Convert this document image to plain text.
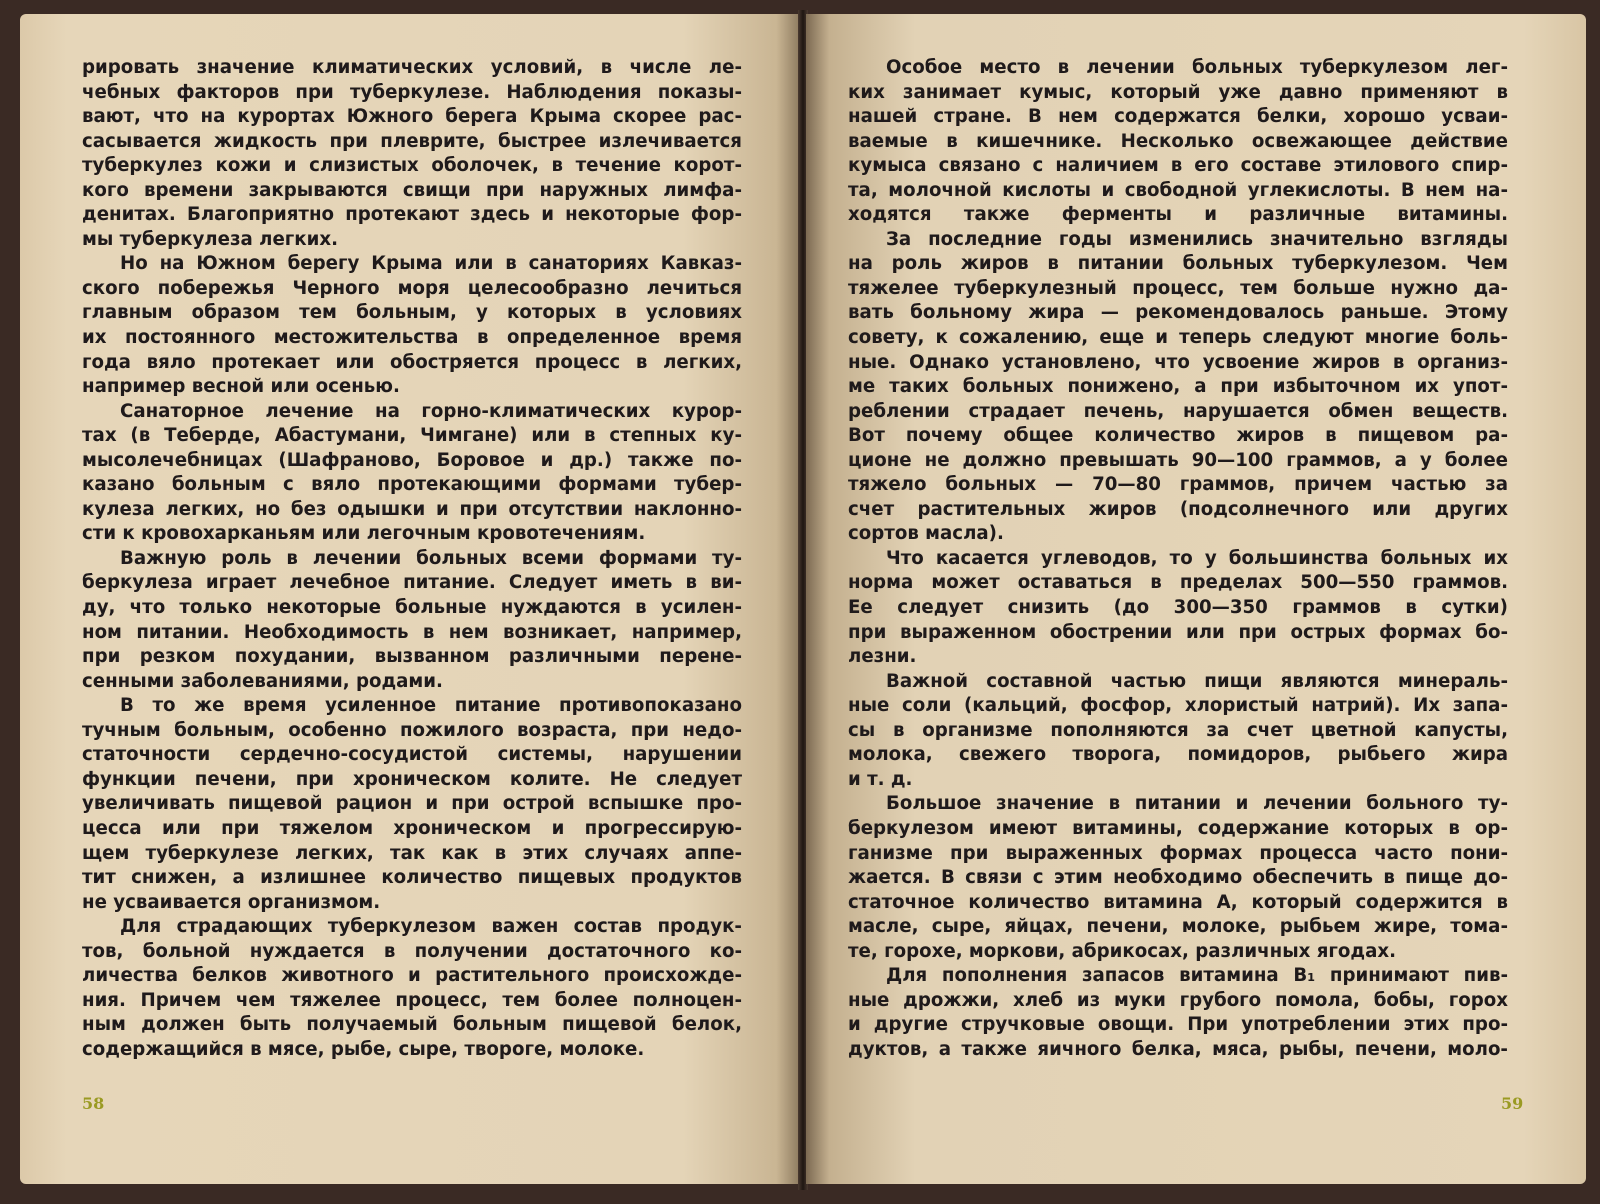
рировать значение климатических условий, в числе ле-
чебных факторов при туберкулезе. Наблюдения показы-
вают, что на курортах Южного берега Крыма скорее рас-
сасывается жидкость при плеврите, быстрее излечивается
туберкулез кожи и слизистых оболочек, в течение корот-
кого времени закрываются свищи при наружных лимфа-
денитах. Благоприятно протекают здесь и некоторые фор-
мы туберкулеза легких.
Но на Южном берегу Крыма или в санаториях Кавказ-
ского побережья Черного моря целесообразно лечиться
главным образом тем больным, у которых в условиях
их постоянного местожительства в определенное время
года вяло протекает или обостряется процесс в легких,
например весной или осенью.
Санаторное лечение на горно-климатических курор-
тах (в Теберде, Абастумани, Чимгане) или в степных ку-
мысолечебницах (Шафраново, Боровое и др.) также по-
казано больным с вяло протекающими формами тубер-
кулеза легких, но без одышки и при отсутствии наклонно-
сти к кровохарканьям или легочным кровотечениям.
Важную роль в лечении больных всеми формами ту-
беркулеза играет лечебное питание. Следует иметь в ви-
ду, что только некоторые больные нуждаются в усилен-
ном питании. Необходимость в нем возникает, например,
при резком похудании, вызванном различными перене-
сенными заболеваниями, родами.
В то же время усиленное питание противопоказано
тучным больным, особенно пожилого возраста, при недо-
статочности сердечно-сосудистой системы, нарушении
функции печени, при хроническом колите. Не следует
увеличивать пищевой рацион и при острой вспышке про-
цесса или при тяжелом хроническом и прогрессирую-
щем туберкулезе легких, так как в этих случаях аппе-
тит снижен, а излишнее количество пищевых продуктов
не усваивается организмом.
Для страдающих туберкулезом важен состав продук-
тов, больной нуждается в получении достаточного ко-
личества белков животного и растительного происхожде-
ния. Причем чем тяжелее процесс, тем более полноцен-
ным должен быть получаемый больным пищевой белок,
содержащийся в мясе, рыбе, сыре, твороге, молоке.
58
Особое место в лечении больных туберкулезом лег-
ких занимает кумыс, который уже давно применяют в
нашей стране. В нем содержатся белки, хорошо усваи-
ваемые в кишечнике. Несколько освежающее действие
кумыса связано с наличием в его составе этилового спир-
та, молочной кислоты и свободной углекислоты. В нем на-
ходятся также ферменты и различные витамины.
За последние годы изменились значительно взгляды
на роль жиров в питании больных туберкулезом. Чем
тяжелее туберкулезный процесс, тем больше нужно да-
вать больному жира — рекомендовалось раньше. Этому
совету, к сожалению, еще и теперь следуют многие боль-
ные. Однако установлено, что усвоение жиров в организ-
ме таких больных понижено, а при избыточном их упот-
реблении страдает печень, нарушается обмен веществ.
Вот почему общее количество жиров в пищевом ра-
ционе не должно превышать 90—100 граммов, а у более
тяжело больных — 70—80 граммов, причем частью за
счет растительных жиров (подсолнечного или других
сортов масла).
Что касается углеводов, то у большинства больных их
норма может оставаться в пределах 500—550 граммов.
Ее следует снизить (до 300—350 граммов в сутки)
при выраженном обострении или при острых формах бо-
лезни.
Важной составной частью пищи являются минераль-
ные соли (кальций, фосфор, хлористый натрий). Их запа-
сы в организме пополняются за счет цветной капусты,
молока, свежего творога, помидоров, рыбьего жира
и т. д.
Большое значение в питании и лечении больного ту-
беркулезом имеют витамины, содержание которых в ор-
ганизме при выраженных формах процесса часто пони-
жается. В связи с этим необходимо обеспечить в пище до-
статочное количество витамина А, который содержится в
масле, сыре, яйцах, печени, молоке, рыбьем жире, тома-
те, горохе, моркови, абрикосах, различных ягодах.
Для пополнения запасов витамина B₁ принимают пив-
ные дрожжи, хлеб из муки грубого помола, бобы, горох
и другие стручковые овощи. При употреблении этих про-
дуктов, а также яичного белка, мяса, рыбы, печени, моло-
59
